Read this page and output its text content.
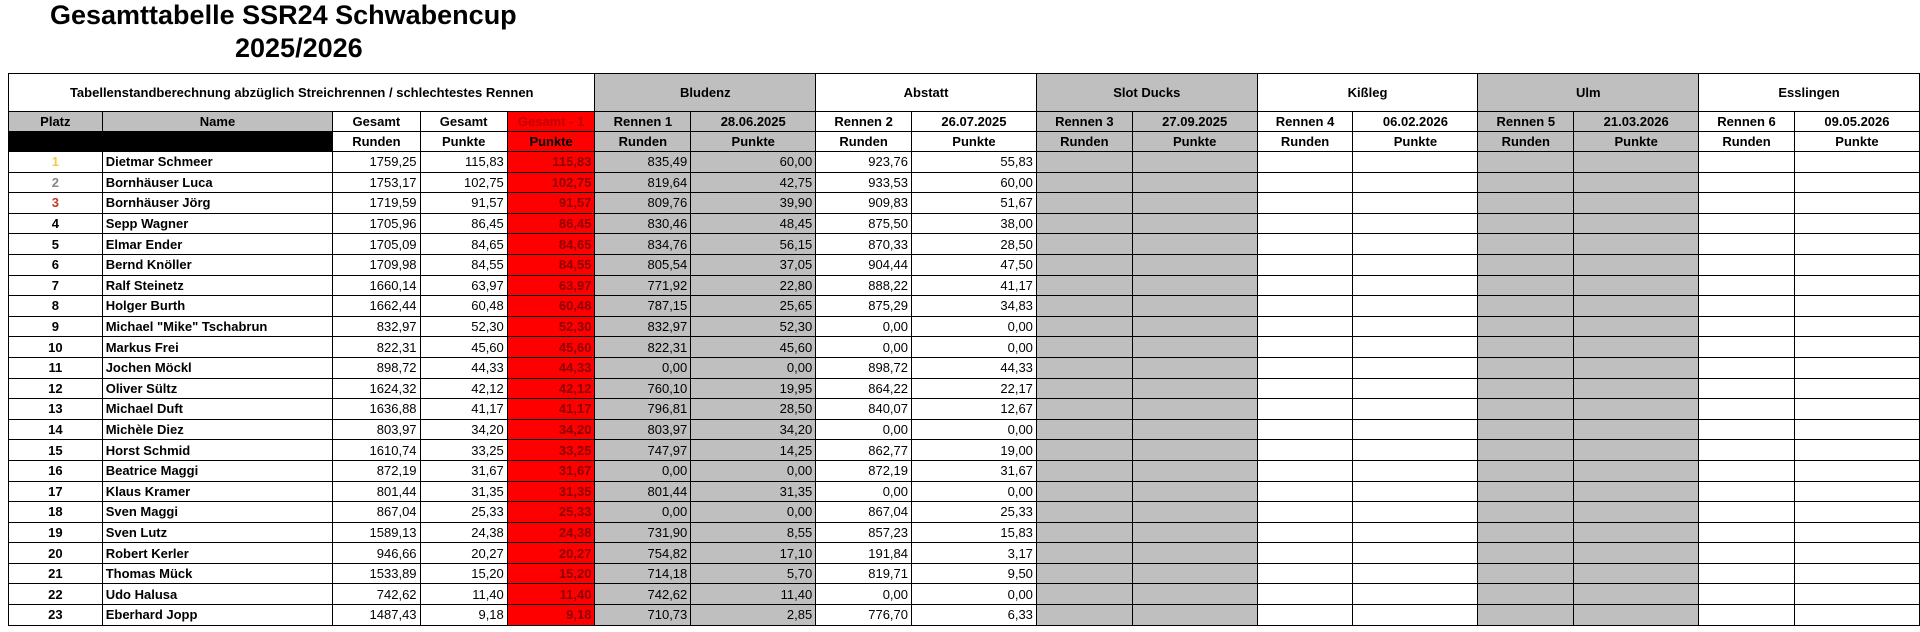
Gesamttabelle SSR24 Schwabencup
2025/2026
Tabellenstandberechnung abzüglich Streichrennen / schlechtestes Rennen					Bludenz		Abstatt		Slot Ducks		Kißleg		Ulm		Esslingen	
Platz	Name	Gesamt	Gesamt	Gesamt - 1	Rennen 1	28.06.2025	Rennen 2	26.07.2025	Rennen 3	27.09.2025	Rennen 4	06.02.2026	Rennen 5	21.03.2026	Rennen 6	09.05.2026
		Runden	Punkte	Punkte	Runden	Punkte	Runden	Punkte	Runden	Punkte	Runden	Punkte	Runden	Punkte	Runden	Punkte
1	Dietmar Schmeer	1759,25	115,83	115,83	835,49	60,00	923,76	55,83								
2	Bornhäuser Luca	1753,17	102,75	102,75	819,64	42,75	933,53	60,00								
3	Bornhäuser Jörg	1719,59	91,57	91,57	809,76	39,90	909,83	51,67								
4	Sepp Wagner	1705,96	86,45	86,45	830,46	48,45	875,50	38,00								
5	Elmar Ender	1705,09	84,65	84,65	834,76	56,15	870,33	28,50								
6	Bernd Knöller	1709,98	84,55	84,55	805,54	37,05	904,44	47,50								
7	Ralf Steinetz	1660,14	63,97	63,97	771,92	22,80	888,22	41,17								
8	Holger Burth	1662,44	60,48	60,48	787,15	25,65	875,29	34,83								
9	Michael "Mike" Tschabrun	832,97	52,30	52,30	832,97	52,30	0,00	0,00								
10	Markus Frei	822,31	45,60	45,60	822,31	45,60	0,00	0,00								
11	Jochen Möckl	898,72	44,33	44,33	0,00	0,00	898,72	44,33								
12	Oliver Sültz	1624,32	42,12	42,12	760,10	19,95	864,22	22,17								
13	Michael Duft	1636,88	41,17	41,17	796,81	28,50	840,07	12,67								
14	Michèle Diez	803,97	34,20	34,20	803,97	34,20	0,00	0,00								
15	Horst Schmid	1610,74	33,25	33,25	747,97	14,25	862,77	19,00								
16	Beatrice Maggi	872,19	31,67	31,67	0,00	0,00	872,19	31,67								
17	Klaus Kramer	801,44	31,35	31,35	801,44	31,35	0,00	0,00								
18	Sven Maggi	867,04	25,33	25,33	0,00	0,00	867,04	25,33								
19	Sven Lutz	1589,13	24,38	24,38	731,90	8,55	857,23	15,83								
20	Robert Kerler	946,66	20,27	20,27	754,82	17,10	191,84	3,17								
21	Thomas Mück	1533,89	15,20	15,20	714,18	5,70	819,71	9,50								
22	Udo Halusa	742,62	11,40	11,40	742,62	11,40	0,00	0,00								
23	Eberhard Jopp	1487,43	9,18	9,18	710,73	2,85	776,70	6,33								
